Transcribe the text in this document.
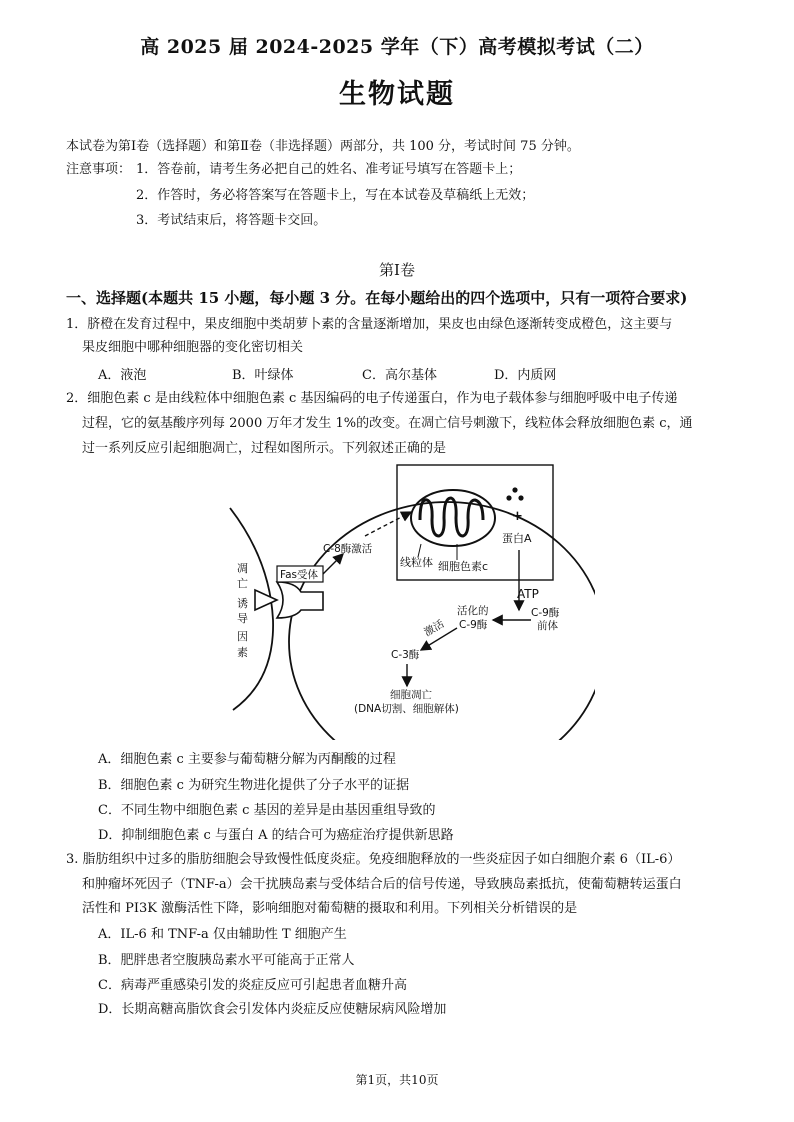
高 2025 届 2024-2025 学年（下）高考模拟考试（二）
生物试题
本试卷为第Ⅰ卷（选择题）和第Ⅱ卷（非选择题）两部分，共 100 分，考试时间 75 分钟。
注意事项： 1．答卷前，请考生务必把自己的姓名、准考证号填写在答题卡上；
2．作答时，务必将答案写在答题卡上，写在本试卷及草稿纸上无效；
3．考试结束后，将答题卡交回。
第Ⅰ卷
一、选择题(本题共 15 小题，每小题 3 分。在每小题给出的四个选项中，只有一项符合要求)
1．脐橙在发育过程中，果皮细胞中类胡萝卜素的含量逐渐增加，果皮也由绿色逐渐转变成橙色，这主要与
果皮细胞中哪种细胞器的变化密切相关
A．液泡	B．叶绿体	C．高尔基体	D．内质网
2．细胞色素 c 是由线粒体中细胞色素 c 基因编码的电子传递蛋白，作为电子载体参与细胞呼吸中电子传递
过程，它的氨基酸序列每 2000 万年才发生 1%的改变。在凋亡信号刺激下，线粒体会释放细胞色素 c，通
过一系列反应引起细胞凋亡，过程如图所示。下列叙述正确的是
+
蛋白A
线粒体 细胞色素c
凋
亡
诱
导
因
素
Fas受体
C-8酶激活
ATP
C-9酶
前体
活化的
C-9酶
激活
C-3酶
细胞凋亡
(DNA切割、细胞解体)
A．细胞色素 c 主要参与葡萄糖分解为丙酮酸的过程
B．细胞色素 c 为研究生物进化提供了分子水平的证据
C．不同生物中细胞色素 c 基因的差异是由基因重组导致的
D．抑制细胞色素 c 与蛋白 A 的结合可为癌症治疗提供新思路
3. 脂肪组织中过多的脂肪细胞会导致慢性低度炎症。免疫细胞释放的一些炎症因子如白细胞介素 6（IL-6）
和肿瘤坏死因子（TNF-a）会干扰胰岛素与受体结合后的信号传递，导致胰岛素抵抗，使葡萄糖转运蛋白
活性和 PI3K 激酶活性下降，影响细胞对葡萄糖的摄取和利用。下列相关分析错误的是
A．IL-6 和 TNF-a 仅由辅助性 T 细胞产生
B．肥胖患者空腹胰岛素水平可能高于正常人
C．病毒严重感染引发的炎症反应可引起患者血糖升高
D．长期高糖高脂饮食会引发体内炎症反应使糖尿病风险增加
第1页，共10页
